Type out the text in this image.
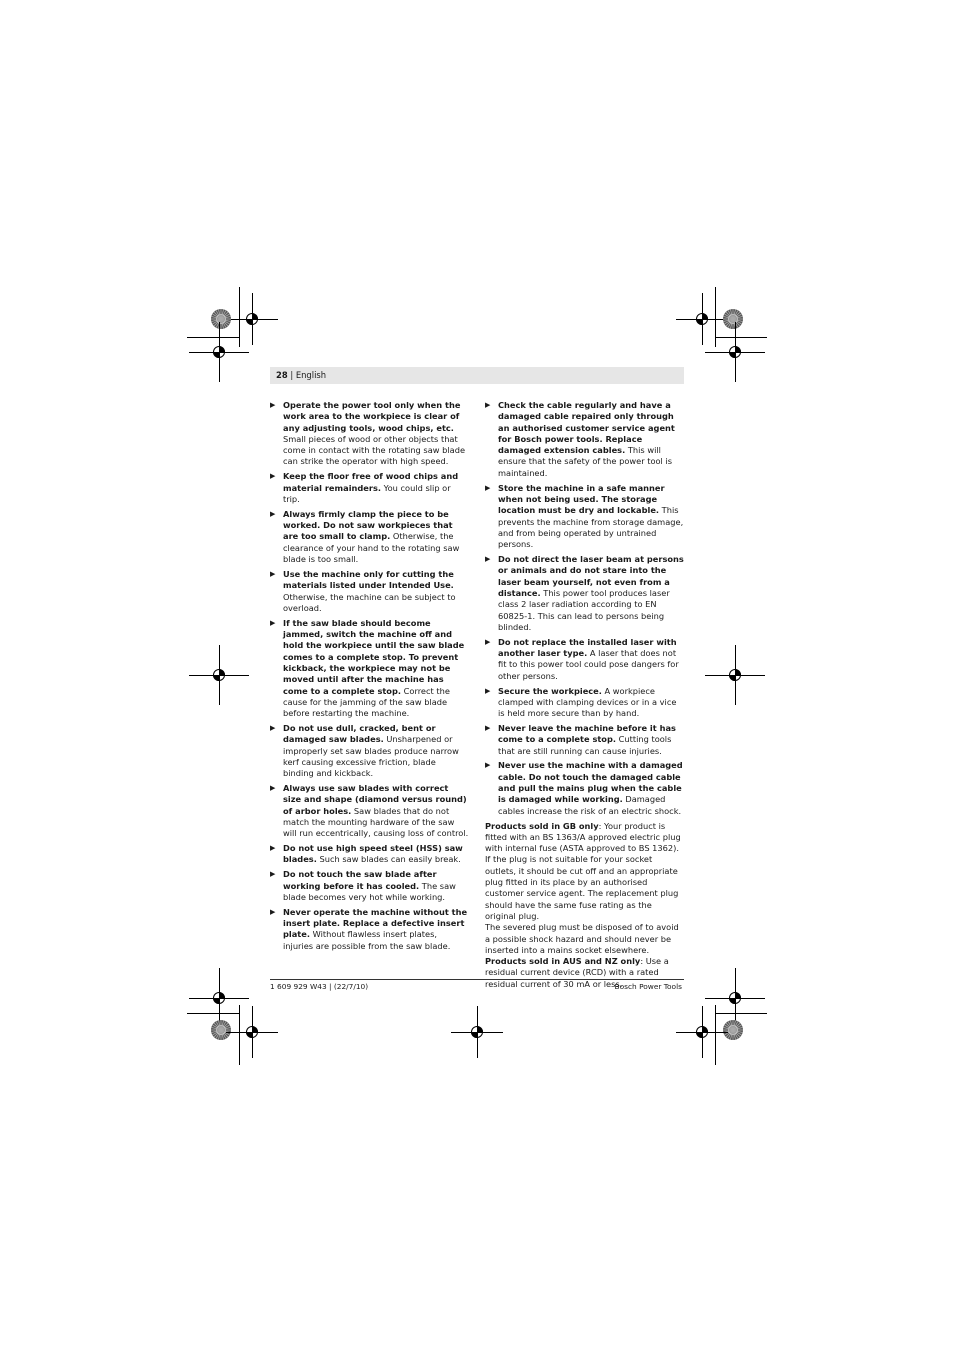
28 | English
▶ Operate the power tool only when the work area to the workpiece is clear of any adjusting tools, wood chips, etc. Small pieces of wood or other objects that come in contact with the rotating saw blade can strike the operator with high speed.
▶ Keep the floor free of wood chips and material remainders. You could slip or trip.
▶ Always firmly clamp the piece to be worked. Do not saw workpieces that are too small to clamp. Otherwise, the clearance of your hand to the rotating saw blade is too small.
▶ Use the machine only for cutting the materials listed under Intended Use. Otherwise, the machine can be subject to overload.
▶ If the saw blade should become jammed, switch the machine off and hold the workpiece until the saw blade comes to a complete stop. To prevent kickback, the workpiece may not be moved until after the machine has come to a complete stop. Correct the cause for the jamming of the saw blade before restarting the machine.
▶ Do not use dull, cracked, bent or damaged saw blades. Unsharpened or improperly set saw blades produce narrow kerf causing excessive friction, blade binding and kickback.
▶ Always use saw blades with correct size and shape (diamond versus round) of arbor holes. Saw blades that do not match the mounting hardware of the saw will run eccentrically, causing loss of control.
▶ Do not use high speed steel (HSS) saw blades. Such saw blades can easily break.
▶ Do not touch the saw blade after working before it has cooled. The saw blade becomes very hot while working.
▶ Never operate the machine without the insert plate. Replace a defective insert plate. Without flawless insert plates, injuries are possible from the saw blade.
▶ Check the cable regularly and have a damaged cable repaired only through an authorised customer service agent for Bosch power tools. Replace damaged extension cables. This will ensure that the safety of the power tool is maintained.
▶ Store the machine in a safe manner when not being used. The storage location must be dry and lockable. This prevents the machine from storage damage, and from being operated by untrained persons.
▶ Do not direct the laser beam at persons or animals and do not stare into the laser beam yourself, not even from a distance. This power tool produces laser class 2 laser radiation according to EN 60825-1. This can lead to persons being blinded.
▶ Do not replace the installed laser with another laser type. A laser that does not fit to this power tool could pose dangers for other persons.
▶ Secure the workpiece. A workpiece clamped with clamping devices or in a vice is held more secure than by hand.
▶ Never leave the machine before it has come to a complete stop. Cutting tools that are still running can cause injuries.
▶ Never use the machine with a damaged cable. Do not touch the damaged cable and pull the mains plug when the cable is damaged while working. Damaged cables increase the risk of an electric shock.
Products sold in GB only: Your product is fitted with an BS 1363/A approved electric plug with internal fuse (ASTA approved to BS 1362).
If the plug is not suitable for your socket outlets, it should be cut off and an appropriate plug fitted in its place by an authorised customer service agent. The replacement plug should have the same fuse rating as the original plug.
The severed plug must be disposed of to avoid a possible shock hazard and should never be inserted into a mains socket elsewhere.
Products sold in AUS and NZ only: Use a residual current device (RCD) with a rated residual current of 30 mA or less.
1 609 929 W43 | (22/7/10)	Bosch Power Tools
